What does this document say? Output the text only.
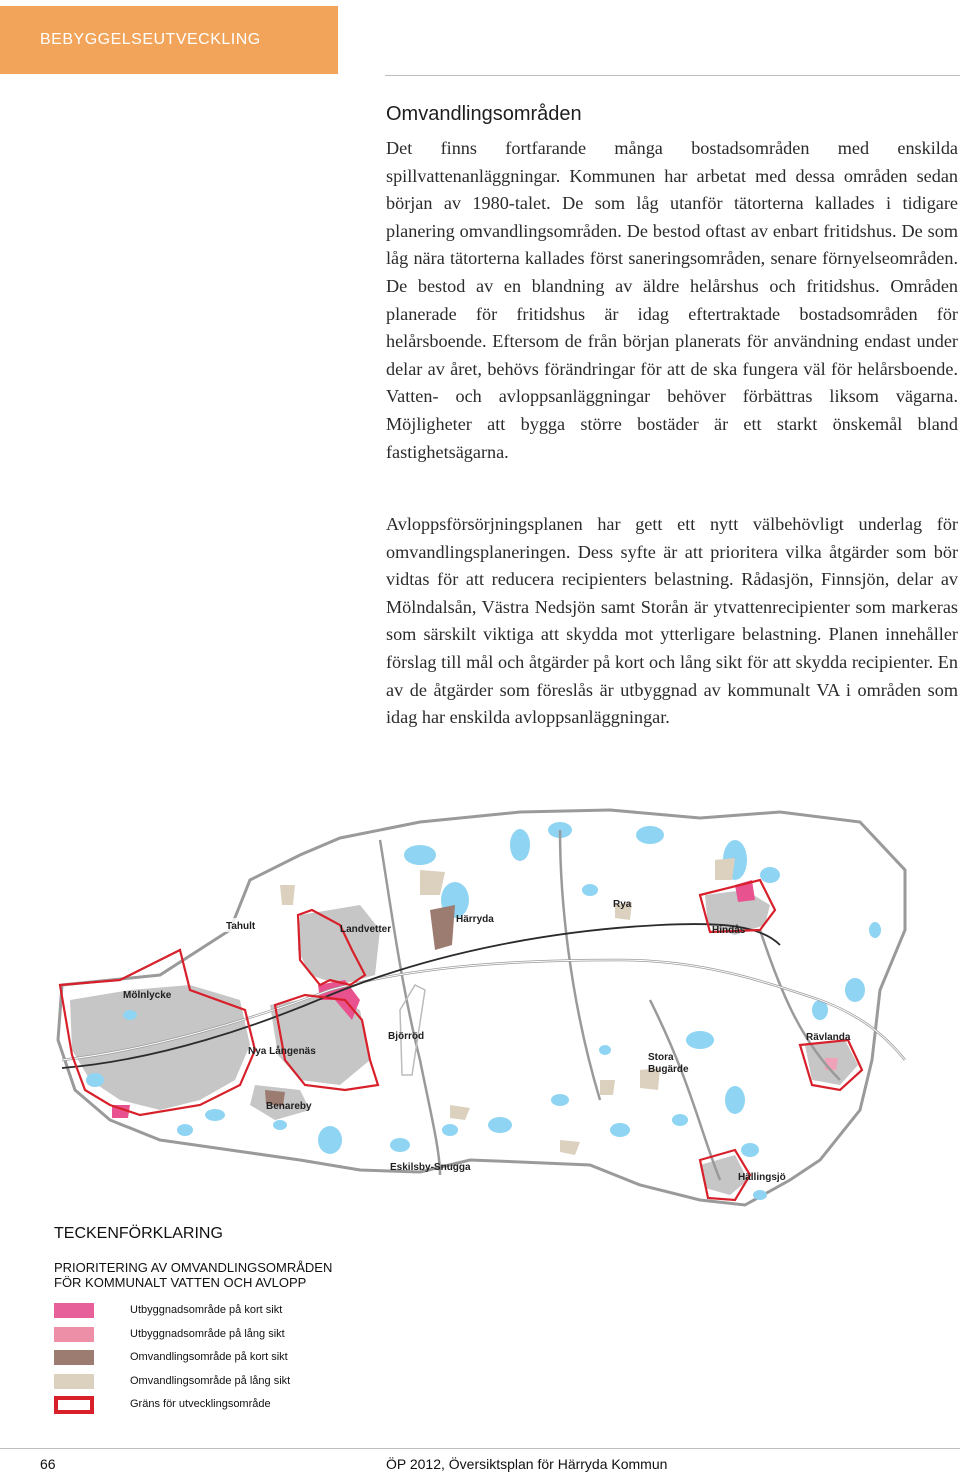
BEBYGGELSEUTVECKLING
Omvandlingsområden
Det finns fortfarande många bostadsområden med enskilda spillvattenanläggningar. Kommunen har arbetat med dessa områden sedan början av 1980-talet. De som låg utanför tätorterna kallades i tidigare planering omvandlingsområden. De bestod oftast av enbart fritidshus. De som låg nära tätorterna kallades först saneringsområden, senare förnyelseområden. De bestod av en blandning av äldre helårshus och fritidshus. Områden planerade för fritidshus är idag eftertraktade bostadsområden för helårsboende. Eftersom de från början planerats för användning endast under delar av året, behövs förändringar för att de ska fungera väl för helårsboende. Vatten- och avloppsanläggningar behöver förbättras liksom vägarna. Möjligheter att bygga större bostäder är ett starkt önskemål bland fastighetsägarna.
Avloppsförsörjningsplanen har gett ett nytt välbehövligt underlag för omvandlingsplaneringen. Dess syfte är att prioritera vilka åtgärder som bör vidtas för att reducera recipienters belastning. Rådasjön, Finnsjön, delar av Mölndalsån, Västra Nedsjön samt Storån är ytvattenrecipienter som markeras som särskilt viktiga att skydda mot ytterligare belastning. Planen innehåller förslag till mål och åtgärder på kort och lång sikt för att skydda recipienter. En av de åtgärder som föreslås är utbyggnad av kommunalt VA i områden som idag har enskilda avloppsanläggningar.
Tahult	Landvetter
Härryda
Rya
Hindås
Mölnlycke
Nya Långenäs
Björröd	Rävlanda
Stora
Bugärde
Benareby
Eskilsby-Snugga
Hällingsjö
TECKENFÖRKLARING
PRIORITERING AV OMVANDLINGSOMRÅDEN
FÖR KOMMUNALT VATTEN OCH AVLOPP
Utbyggnadsområde på kort sikt
Utbyggnadsområde på lång sikt
Omvandlingsområde på kort sikt
Omvandlingsområde på lång sikt
Gräns för utvecklingsområde
66	ÖP 2012, Översiktsplan för Härryda Kommun
